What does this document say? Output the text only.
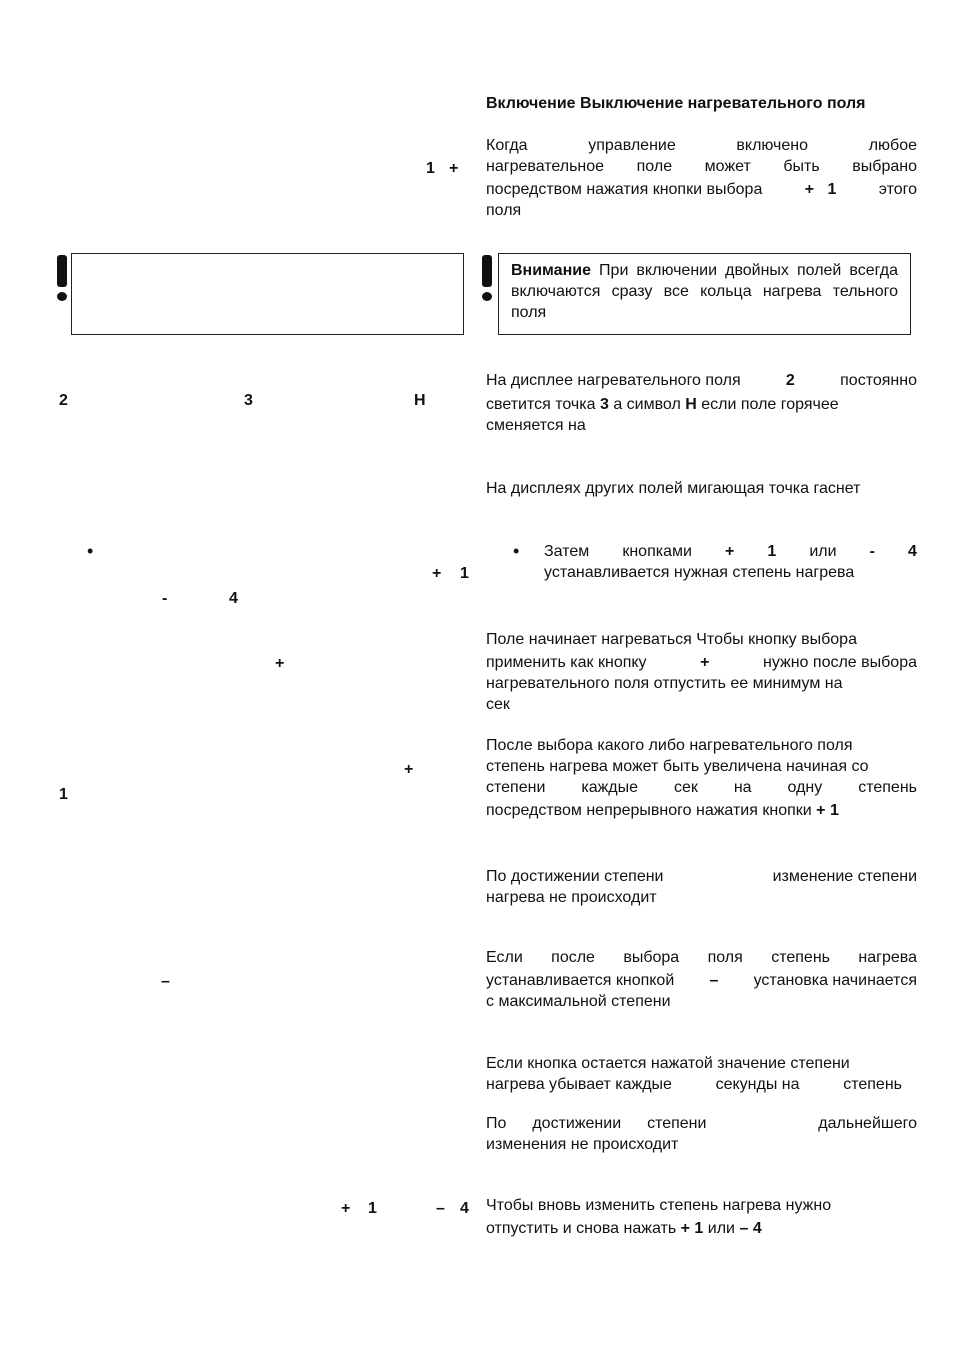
1 +
2	3	H
•
+ 1
-	4
+
+
1
–
+ 1	– 4
Включение Выключение нагревательного поля
Когда	управление	включено	любое
нагревательное поле может быть выбрано
посредством нажатия кнопки выбора	+ 1	этого
поля
Внимание При включении двойных полей всегда включаются сразу все кольца нагрева тельного поля
На дисплее нагревательного поля	2	постоянно
светится точка 3 а символ H если поле горячее
сменяется на
На дисплеях других полей мигающая точка гаснет
• Затем кнопками + 1 или - 4
устанавливается нужная степень нагрева
Поле начинает нагреваться Чтобы кнопку выбора
применить как кнопку	+	нужно после выбора
нагревательного поля отпустить ее минимум на
сек
После выбора какого либо нагревательного поля
степень нагрева может быть увеличена начиная со
степени каждые сек на одну степень
посредством непрерывного нажатия кнопки + 1
По достижении степени	изменение степени
нагрева не происходит
Если после выбора поля степень нагрева
устанавливается кнопкой – установка начинается
с максимальной степени
Если кнопка остается нажатой значение степени
нагрева убывает каждые	секунды на	степень
По достижении степени	дальнейшего
изменения не происходит
Чтобы вновь изменить степень нагрева нужно
отпустить и снова нажать + 1 или – 4
